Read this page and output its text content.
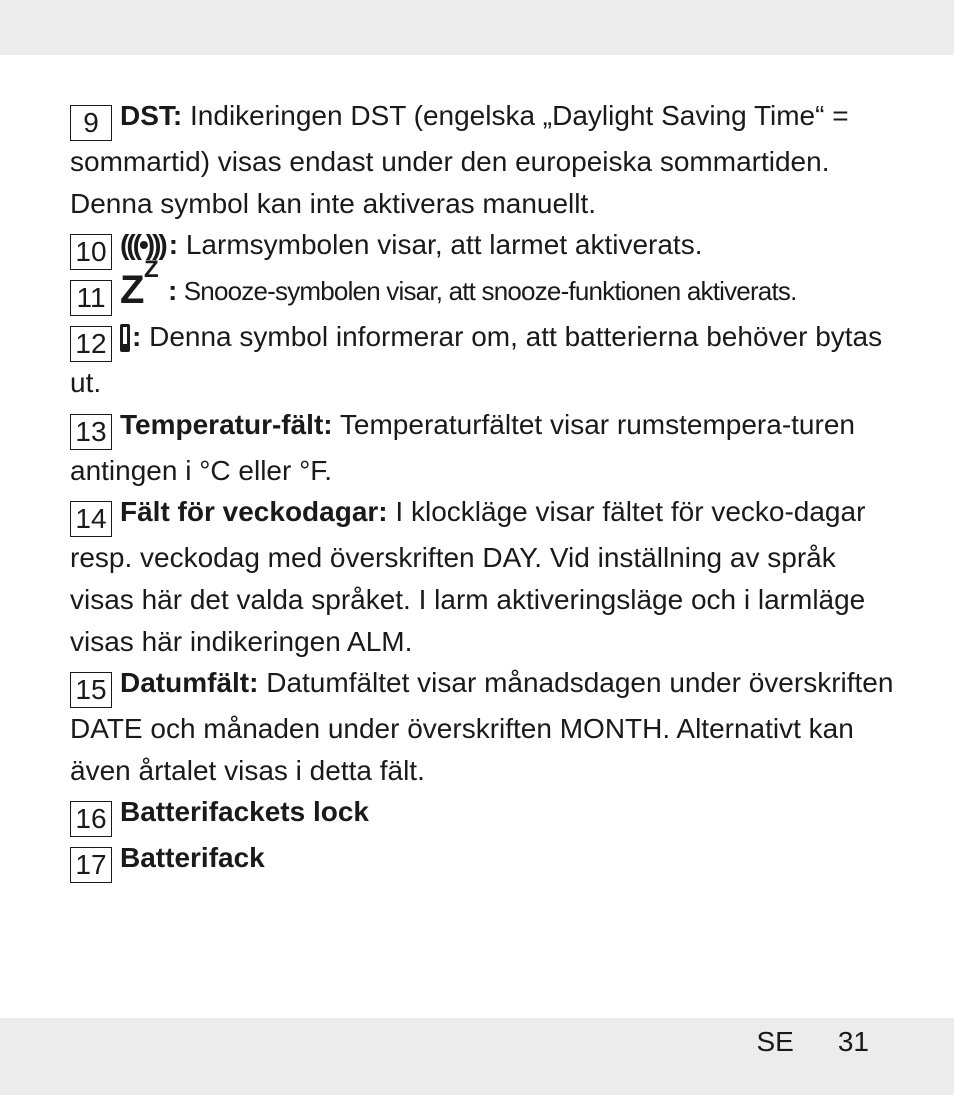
9 DST: Indikeringen DST (engelska „Daylight Saving Time“ = sommartid) visas endast under den europeiska sommartiden. Denna symbol kan inte aktiveras manuellt.

10 (((•))) : Larmsymbolen visar, att larmet aktiverats.

11 Z Z
: Snooze-symbolen visar, att snooze-funktionen aktiverats.

12 : Denna symbol informerar om, att batterierna behöver bytas ut.

13 Temperatur-fält: Temperaturfältet visar rumstempera-turen antingen i °C eller °F.

14 Fält för veckodagar: I klockläge visar fältet för vecko-dagar resp. veckodag med överskriften DAY. Vid inställning av språk visas här det valda språket. I larm aktiveringsläge och i larmläge visas här indikeringen ALM.

15 Datumfält: Datumfältet visar månadsdagen under överskriften DATE och månaden under överskriften MONTH. Alternativt kan även årtalet visas i detta fält.

16 Batterifackets lock

17 Batterifack

SE 31
